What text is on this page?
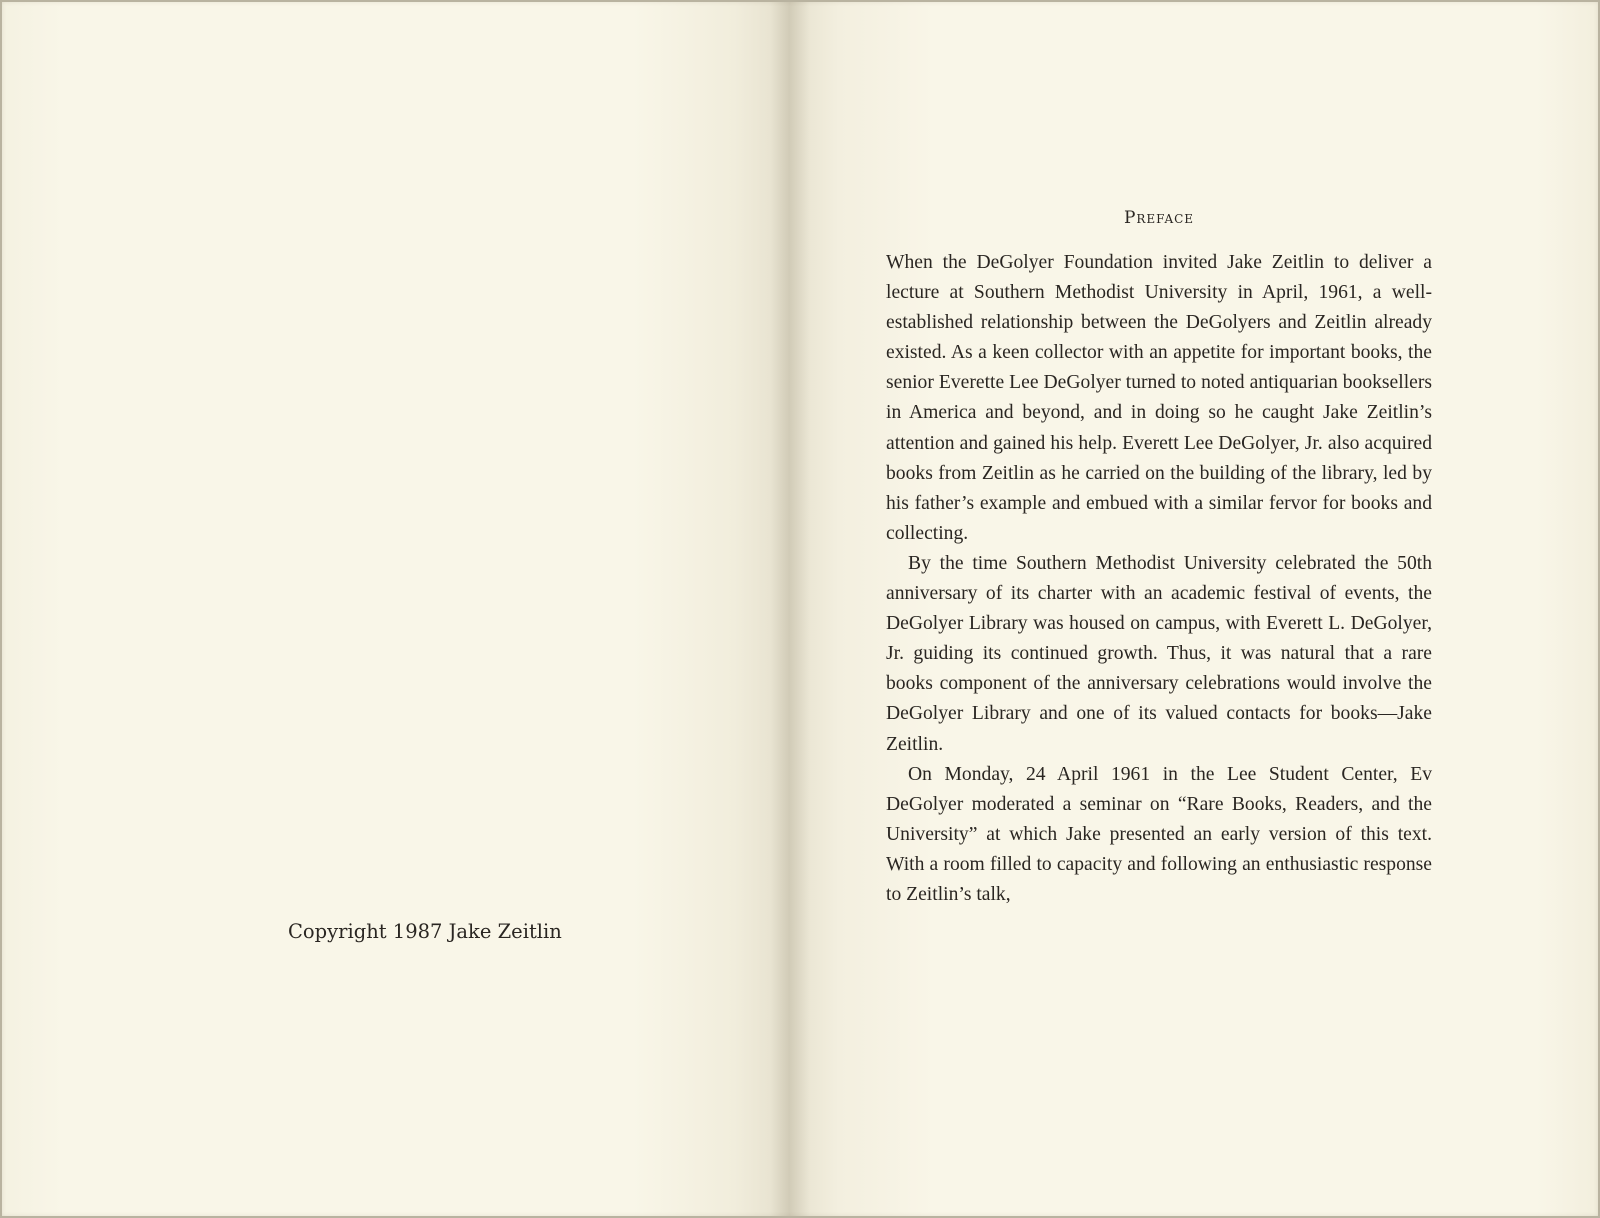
Copyright 1987 Jake Zeitlin
Preface

When the DeGolyer Foundation invited Jake Zeitlin to deliver a lecture at Southern Methodist University in April, 1961, a well-established relationship between the DeGolyers and Zeitlin already existed. As a keen collector with an appetite for important books, the senior Everette Lee DeGolyer turned to noted antiquarian booksellers in America and beyond, and in doing so he caught Jake Zeitlin’s attention and gained his help. Everett Lee DeGolyer, Jr. also acquired books from Zeitlin as he carried on the building of the library, led by his father’s example and embued with a similar fervor for books and collecting.

By the time Southern Methodist University celebrated the 50th anniversary of its charter with an academic festival of events, the DeGolyer Library was housed on campus, with Everett L. DeGolyer, Jr. guiding its continued growth. Thus, it was natural that a rare books component of the anniversary celebrations would involve the DeGolyer Library and one of its valued contacts for books—Jake Zeitlin.

On Monday, 24 April 1961 in the Lee Student Center, Ev DeGolyer moderated a seminar on “Rare Books, Readers, and the University” at which Jake presented an early version of this text. With a room filled to capacity and following an enthusiastic response to Zeitlin’s talk,
